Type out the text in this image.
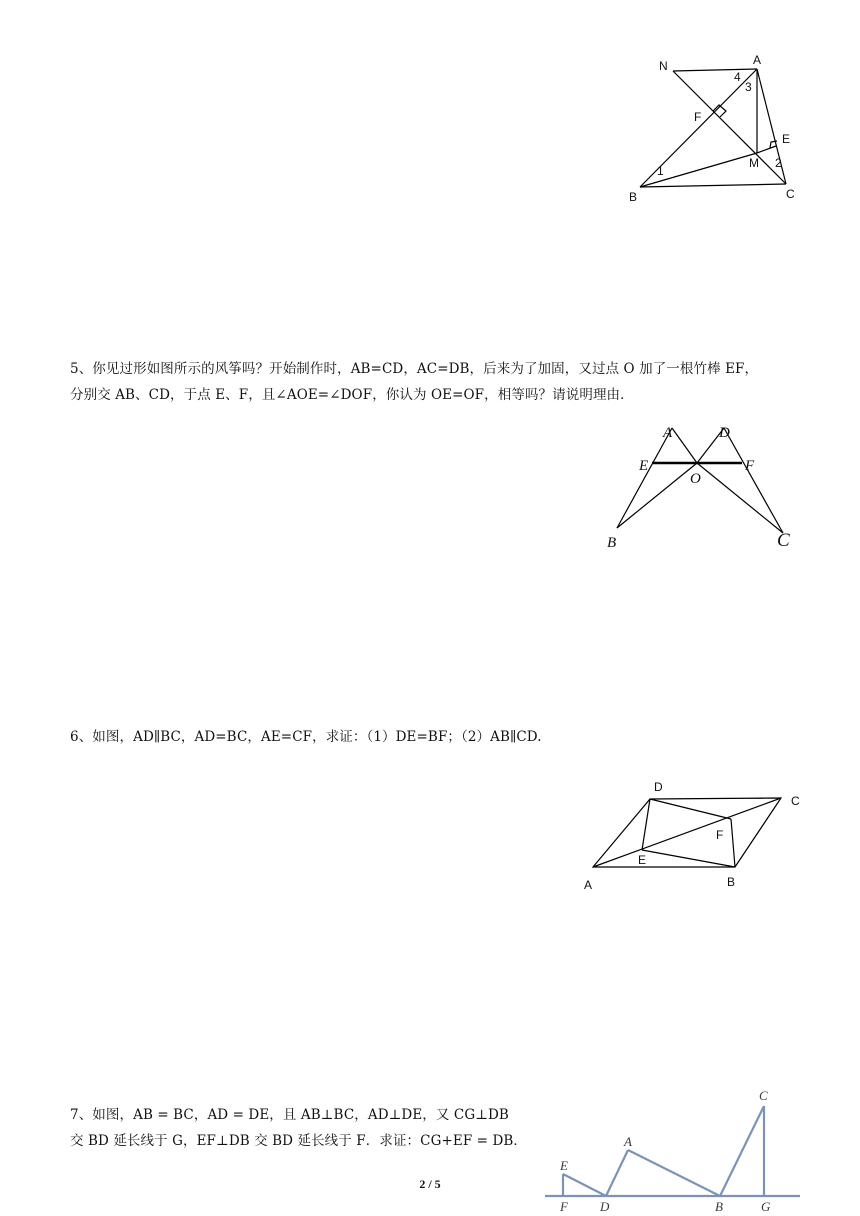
N	A
4
3
F
E
M 2
1
B	C
5、你见过形如图所示的风筝吗？开始制作时，AB=CD，AC=DB，后来为了加固，又过点 O 加了一根竹棒 EF，
分别交 AB、CD，于点 E、F，且∠AOE=∠DOF，你认为 OE=OF，相等吗？请说明理由．
A	D
E
O
F
B	C
6、如图，AD∥BC，AD=BC，AE=CF，求证：（1）DE=BF；（2）AB∥CD.
D
C
F
E
A	B
7、如图，AB = BC，AD = DE，且 AB⊥BC，AD⊥DE，又 CG⊥DB
交 BD 延长线于 G，EF⊥DB 交 BD 延长线于 F．求证：CG+EF = DB．
C
A
E
F D	B	G
2 / 5
